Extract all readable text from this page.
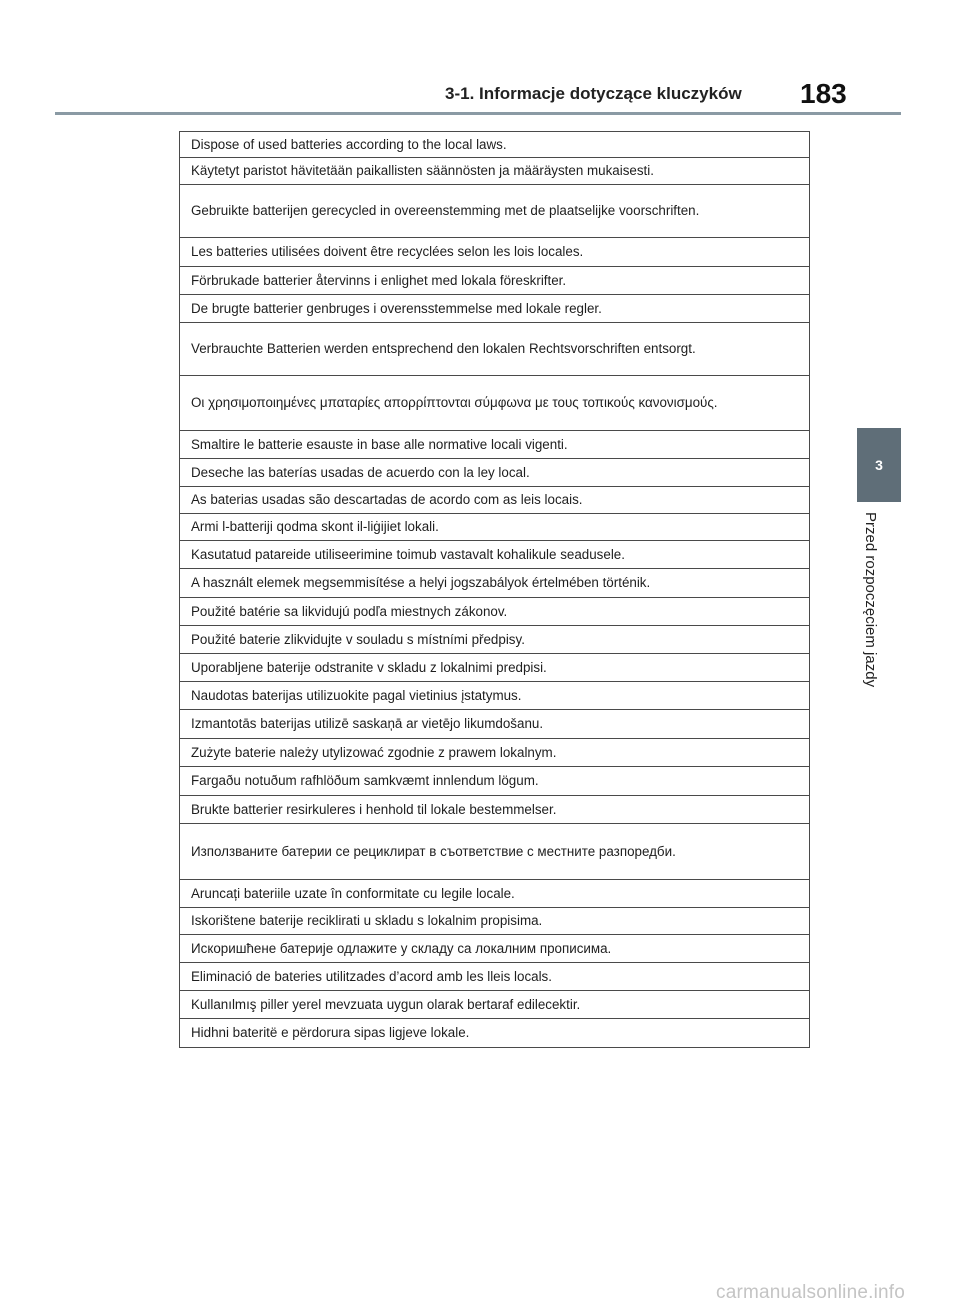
3-1. Informacje dotyczące kluczyków 183
3
Przed rozpoczęciem jazdy
Dispose of used batteries according to the local laws.
Käytetyt paristot hävitetään paikallisten säännösten ja määräysten mukaisesti.
Gebruikte batterijen gerecycled in overeenstemming met de plaatselijke voorschriften.
Les batteries utilisées doivent être recyclées selon les lois locales.
Förbrukade batterier återvinns i enlighet med lokala föreskrifter.
De brugte batterier genbruges i overensstemmelse med lokale regler.
Verbrauchte Batterien werden entsprechend den lokalen Rechtsvorschriften entsorgt.
Οι χρησιμοποιημένες μπαταρίες απορρίπτονται σύμφωνα με τους τοπικούς κανονισμούς.
Smaltire le batterie esauste in base alle normative locali vigenti.
Deseche las baterías usadas de acuerdo con la ley local.
As baterias usadas são descartadas de acordo com as leis locais.
Armi l-batteriji qodma skont il-liġijiet lokali.
Kasutatud patareide utiliseerimine toimub vastavalt kohalikule seadusele.
A használt elemek megsemmisítése a helyi jogszabályok értelmében történik.
Použité batérie sa likvidujú podľa miestnych zákonov.
Použité baterie zlikvidujte v souladu s místními předpisy.
Uporabljene baterije odstranite v skladu z lokalnimi predpisi.
Naudotas baterijas utilizuokite pagal vietinius įstatymus.
Izmantotās baterijas utilizē saskaņā ar vietējo likumdošanu.
Zużyte baterie należy utylizować zgodnie z prawem lokalnym.
Fargaðu notuðum rafhlöðum samkvæmt innlendum lögum.
Brukte batterier resirkuleres i henhold til lokale bestemmelser.
Използваните батерии се рециклират в съответствие с местните разпоредби.
Aruncați bateriile uzate în conformitate cu legile locale.
Iskorištene baterije reciklirati u skladu s lokalnim propisima.
Искоришћене батерије одлажите у складу са локалним прописима.
Eliminació de bateries utilitzades d’acord amb les lleis locals.
Kullanılmış piller yerel mevzuata uygun olarak bertaraf edilecektir.
Hidhni bateritë e përdorura sipas ligjeve lokale.
carmanualsonline.info
